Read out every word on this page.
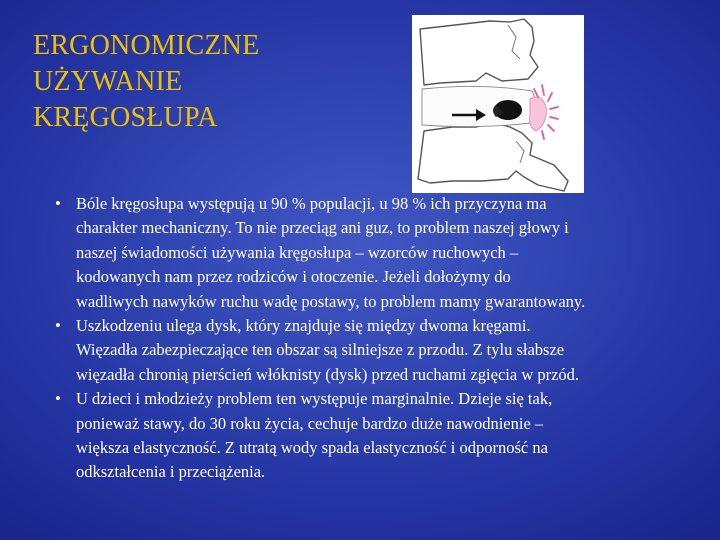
ERGONOMICZNE
UŻYWANIE
KRĘGOSŁUPA
• Bóle kręgosłupa występują u 90 % populacji, u 98 % ich przyczyna ma
charakter mechaniczny. To nie przeciąg ani guz, to problem naszej głowy i
naszej świadomości używania kręgosłupa – wzorców ruchowych –
kodowanych nam przez rodziców i otoczenie. Jeżeli dołożymy do
wadliwych nawyków ruchu wadę postawy, to problem mamy gwarantowany.
• Uszkodzeniu ulega dysk, który znajduje się między dwoma kręgami.
Więzadła zabezpieczające ten obszar są silniejsze z przodu. Z tylu słabsze
więzadła chronią pierścień włóknisty (dysk) przed ruchami zgięcia w przód.
• U dzieci i młodzieży problem ten występuje marginalnie. Dzieje się tak,
ponieważ stawy, do 30 roku życia, cechuje bardzo duże nawodnienie –
większa elastyczność. Z utratą wody spada elastyczność i odporność na
odkształcenia i przeciążenia.
